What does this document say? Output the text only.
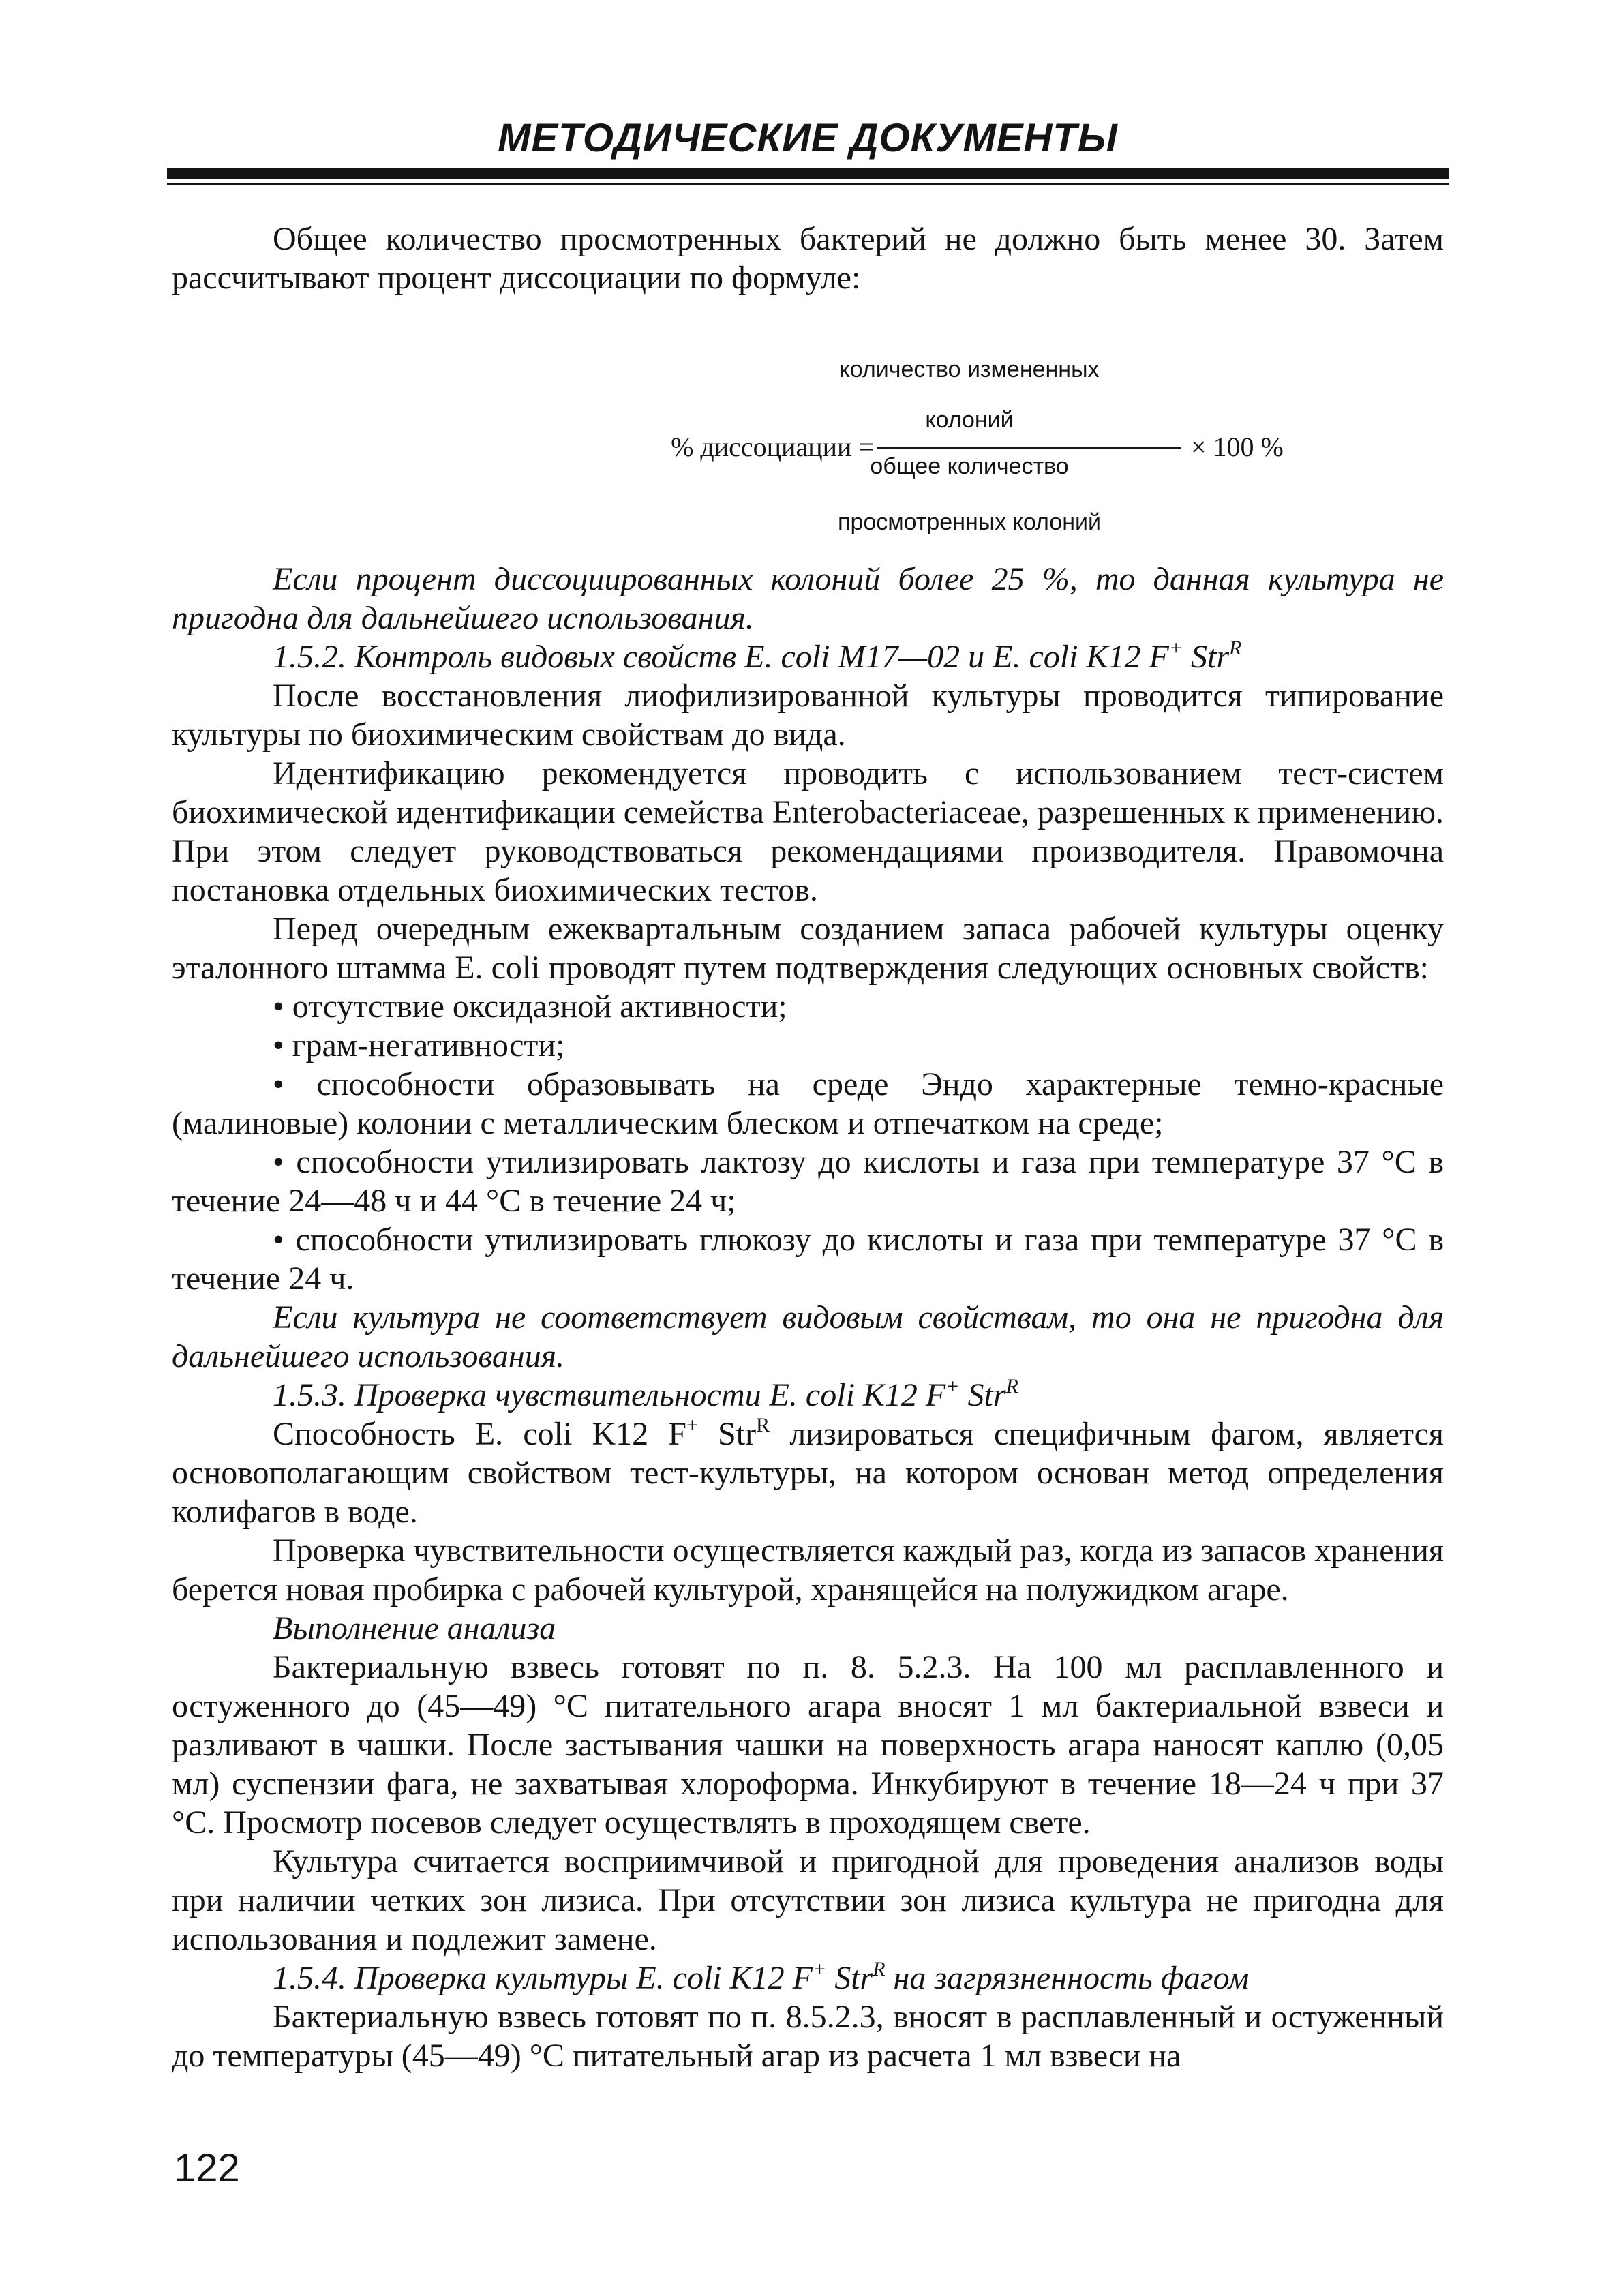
МЕТОДИЧЕСКИЕ ДОКУМЕНТЫ

Общее количество просмотренных бактерий не должно быть менее 30. Затем рассчитывают процент диссоциации по формуле:

количество измененных
колоний
% диссоциации =	× 100 %
общее количество
просмотренных колоний

Если процент диссоциированных колоний более 25 %, то данная культура не пригодна для дальнейшего использования.

1.5.2. Контроль видовых свойств E. coli M17—02 и E. coli K12 F+ Str$^R$

После восстановления лиофилизированной культуры проводится типирование культуры по биохимическим свойствам до вида.

Идентификацию рекомендуется проводить с использованием тест-систем биохимической идентификации семейства Enterobacteriaceae, разрешенных к применению. При этом следует руководствоваться рекомендациями производителя. Правомочна постановка отдельных биохимических тестов.

Перед очередным ежеквартальным созданием запаса рабочей культуры оценку эталонного штамма E. coli проводят путем подтверждения следующих основных свойств:

• отсутствие оксидазной активности;

• грам-негативности;

• способности образовывать на среде Эндо характерные темно-красные (малиновые) колонии с металлическим блеском и отпечатком на среде;

• способности утилизировать лактозу до кислоты и газа при температуре 37 °C в течение 24—48 ч и 44 °C в течение 24 ч;

• способности утилизировать глюкозу до кислоты и газа при температуре 37 °C в течение 24 ч.

Если культура не соответствует видовым свойствам, то она не пригодна для дальнейшего использования.

1.5.3. Проверка чувствительности E. coli K12 F+ Str$^R$

Способность E. coli K12 F+ Str$^R$ лизироваться специфичным фагом, является основополагающим свойством тест-культуры, на котором основан метод определения колифагов в воде.

Проверка чувствительности осуществляется каждый раз, когда из запасов хранения берется новая пробирка с рабочей культурой, хранящейся на полужидком агаре.

Выполнение анализа

Бактериальную взвесь готовят по п. 8. 5.2.3. На 100 мл расплавленного и остуженного до (45—49) °C питательного агара вносят 1 мл бактериальной взвеси и разливают в чашки. После застывания чашки на поверхность агара наносят каплю (0,05 мл) суспензии фага, не захватывая хлороформа. Инкубируют в течение 18—24 ч при 37 °C. Просмотр посевов следует осуществлять в проходящем свете.

Культура считается восприимчивой и пригодной для проведения анализов воды при наличии четких зон лизиса. При отсутствии зон лизиса культура не пригодна для использования и подлежит замене.

1.5.4. Проверка культуры E. coli K12 F+ Str$^R$ на загрязненность фагом

Бактериальную взвесь готовят по п. 8.5.2.3, вносят в расплавленный и остуженный до температуры (45—49) °C питательный агар из расчета 1 мл взвеси на

122
